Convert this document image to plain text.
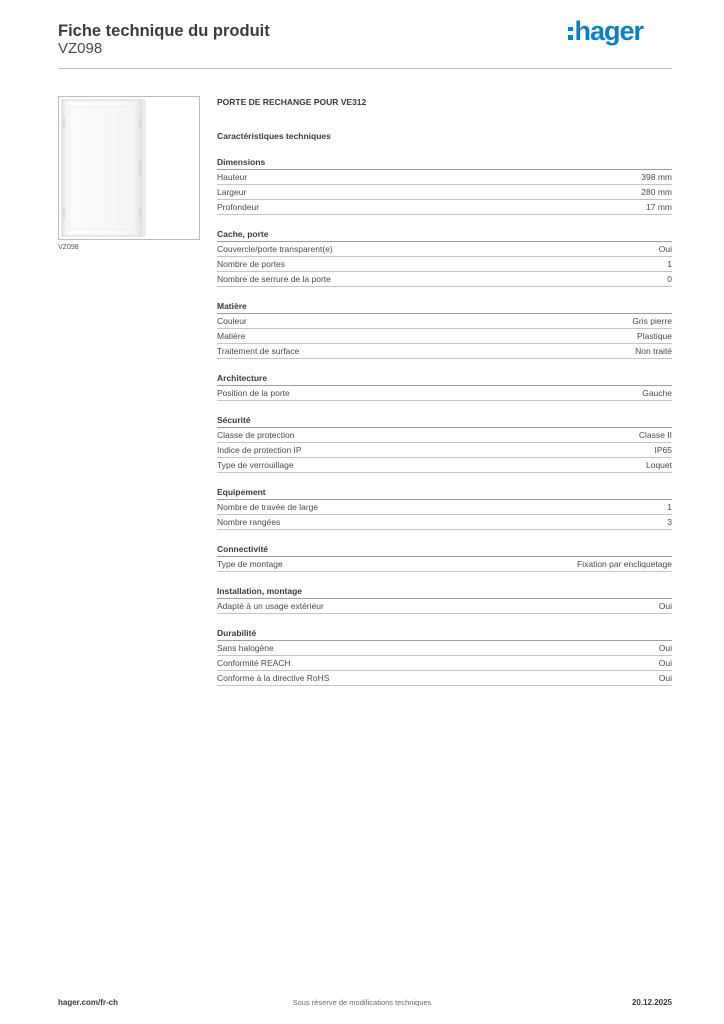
Fiche technique du produit
VZ098
hager
VZ098
PORTE DE RECHANGE POUR VE312
Caractéristiques techniques
Dimensions
Hauteur	398 mm
Largeur	280 mm
Profondeur	17 mm
Cache, porte
Couvercle/porte transparent(e)	Oui
Nombre de portes	1
Nombre de serrure de la porte	0
Matière
Couleur	Gris pierre
Matière	Plastique
Traitement de surface	Non traité
Architecture
Position de la porte	Gauche
Sécurité
Classe de protection	Classe II
Indice de protection IP	IP65
Type de verrouillage	Loquet
Equipement
Nombre de travée de large	1
Nombre rangées	3
Connectivité
Type de montage	Fixation par encliquetage
Installation, montage
Adapté à un usage extérieur	Oui
Durabilité
Sans halogène	Oui
Conformité REACH	Oui
Conforme à la directive RoHS	Oui
hager.com/fr-ch	Sous réserve de modifications techniques	20.12.2025
